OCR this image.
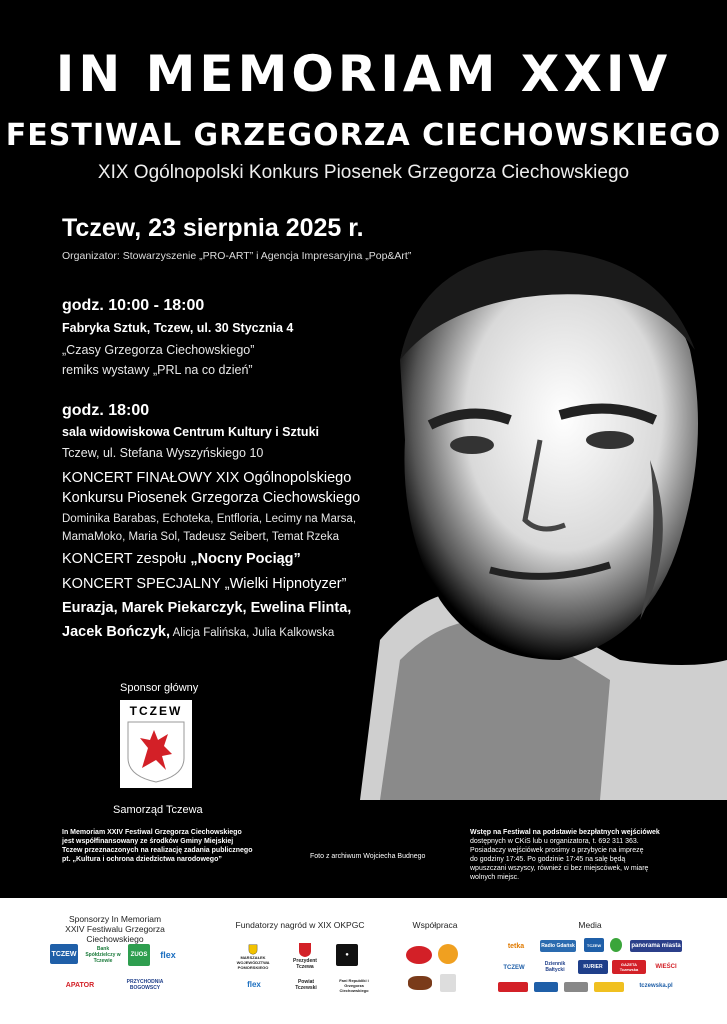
IN MEMORIAM XXIV
FESTIWAL GRZEGORZA CIECHOWSKIEGO
XIX Ogólnopolski Konkurs Piosenek Grzegorza Ciechowskiego
Tczew, 23 sierpnia 2025 r.
Organizator: Stowarzyszenie „PRO-ART” i Agencja Impresaryjna „Pop&Art”
godz. 10:00 - 18:00
Fabryka Sztuk, Tczew, ul. 30 Stycznia 4
„Czasy Grzegorza Ciechowskiego”
remiks wystawy „PRL na co dzień”
godz. 18:00
sala widowiskowa Centrum Kultury i Sztuki
Tczew, ul. Stefana Wyszyńskiego 10
KONCERT FINAŁOWY XIX Ogólnopolskiego
Konkursu Piosenek Grzegorza Ciechowskiego
Dominika Barabas, Echoteka, Entfloria, Lecimy na Marsa,
MamaMoko, Maria Sol, Tadeusz Seibert, Temat Rzeka
KONCERT zespołu „Nocny Pociąg”
KONCERT SPECJALNY „Wielki Hipnotyzer”
Eurazja, Marek Piekarczyk, Ewelina Flinta,
Jacek Bończyk, Alicja Falińska, Julia Kalkowska
Sponsor główny
TCZEW
Samorząd Tczewa
In Memoriam XXIV Festiwal Grzegorza Ciechowskiego
jest współfinansowany ze środków Gminy Miejskiej
Tczew przeznaczonych na realizację zadania publicznego
pt. „Kultura i ochrona dziedzictwa narodowego”	Foto z archiwum Wojciecha Budnego
Wstęp na Festiwal na podstawie bezpłatnych wejściówek
dostępnych w CKiS lub u organizatora, t. 692 311 363.
Posiadaczy wejściówek prosimy o przybycie na imprezę
do godziny 17:45. Po godzinie 17:45 na salę będą
wpuszczani wszyscy, również ci bez miejscówek, w miarę
wolnych miejsc.
Sponsorzy In Memoriam
XXIV Festiwalu Grzegorza Ciechowskiego
Fundatorzy nagród w XIX OKPGC	Współpraca	Media
TCZEW
Bank Spółdzielczy w Tczewie
ZUOS	flex
APATOR	PRZYCHODNIA BOGOWSCY
MARSZAŁEK WOJEWÓDZTWA POMORSKIEGO
Prezydent Tczewa
●
flex	Powiat Tczewski
Fani Republiki i Grzegorza Ciechowskiego
tetka	Radio Gdańsk	TCZEW	panorama miasta
TCZEW
Dziennik Bałtycki	KURIER	GAZETA Tczewska	WIEŚCI
tczewska.pl
